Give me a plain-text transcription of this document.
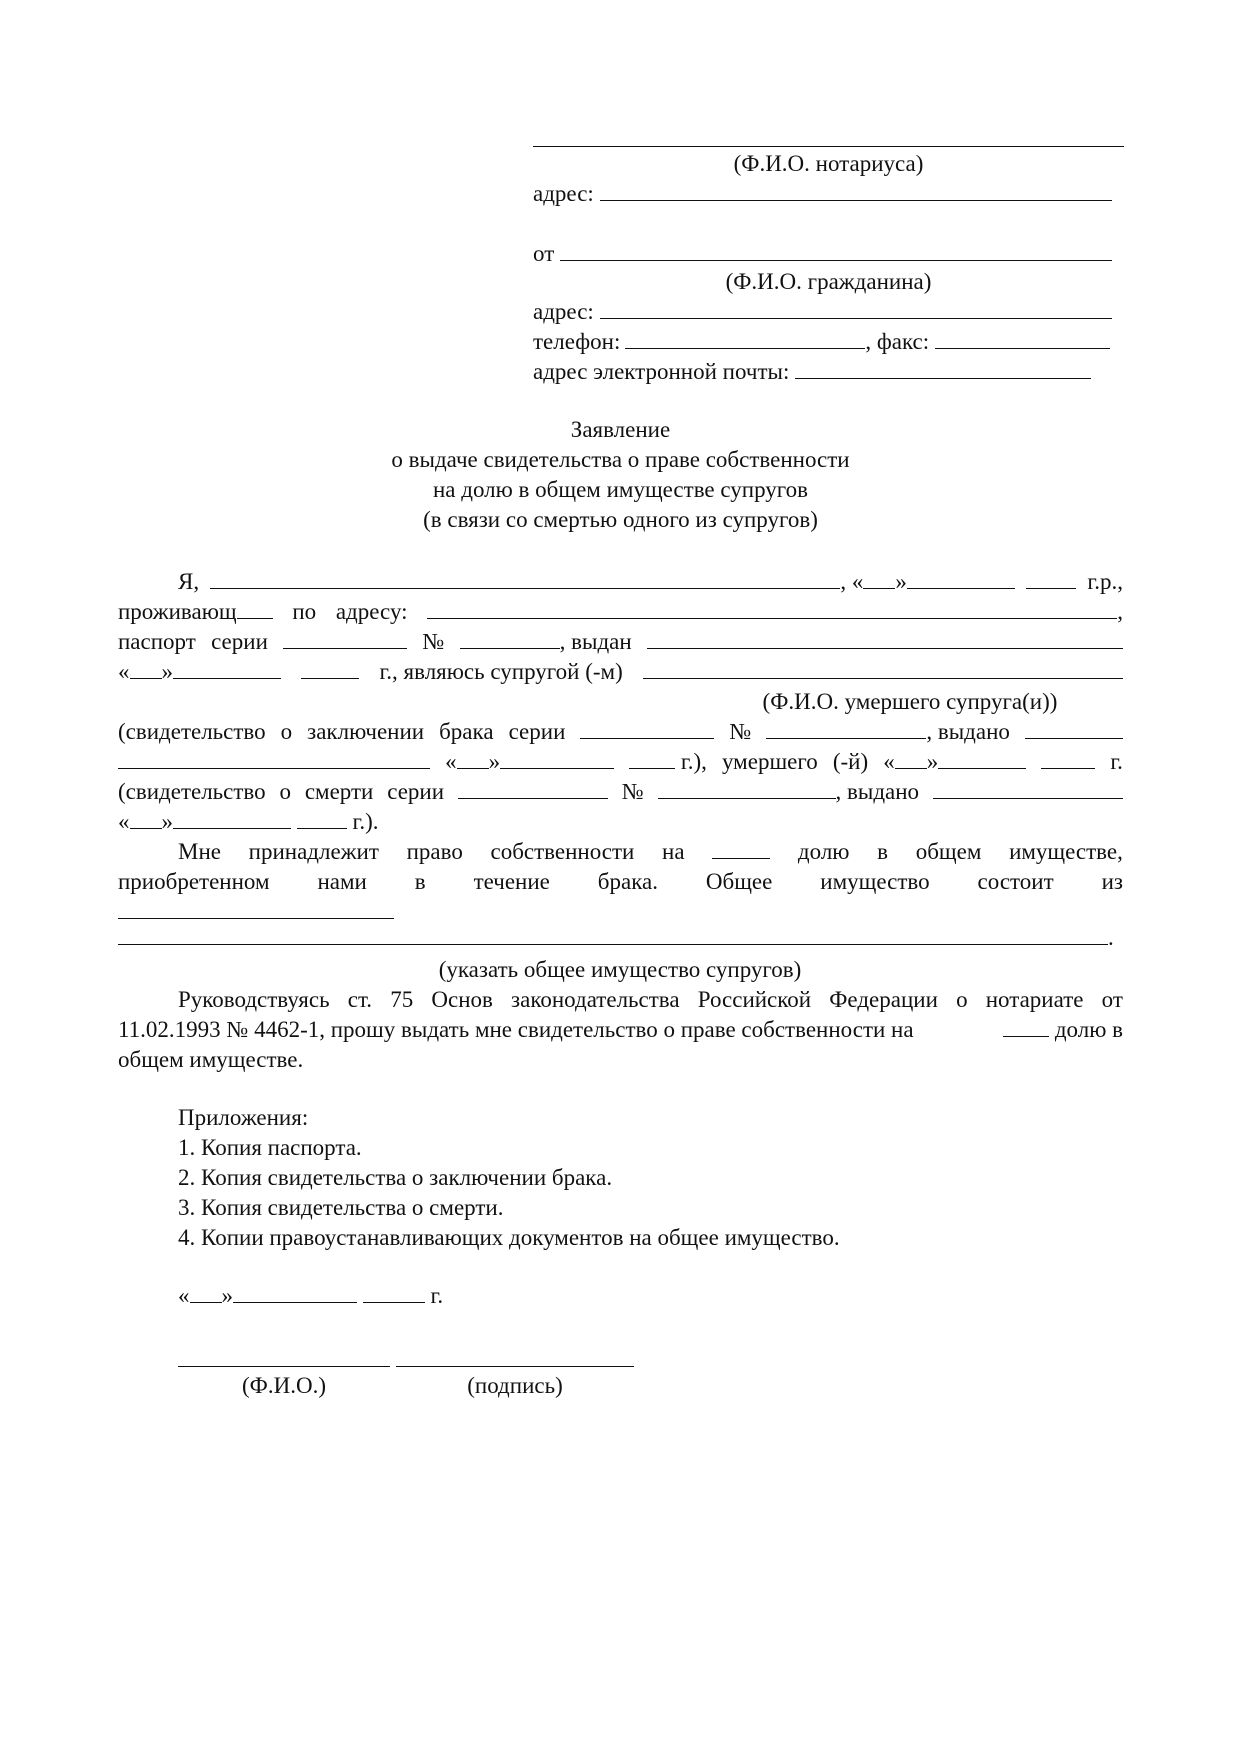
(Ф.И.О. нотариуса)
адрес:
от
(Ф.И.О. гражданина)
адрес:
телефон:	, факс:
адрес электронной почты:
Заявление
о выдаче свидетельства о праве собственности
на долю в общем имуществе супругов
(в связи со смертью одного из супругов)
Я,	, « »	г.р.,
проживающ	по адресу:	,
паспорт серии	№	, выдан
« »	г., являюсь супругой (-м)
(Ф.И.О. умершего супруга(и))
(свидетельство о заключении брака серии	№	, выдано
« »	г.), умершего (-й) « »	г.
(свидетельство о смерти серии	№	, выдано
« »	г.).
Мне принадлежит право собственности на	долю в общем имуществе,
приобретенном нами в течение брака. Общее имущество состоит из
.
(указать общее имущество супругов)
Руководствуясь ст. 75 Основ законодательства Российской Федерации о нотариате от
11.02.1993 № 4462-1, прошу выдать мне свидетельство о праве собственности на	долю в
общем имуществе.
Приложения:
1. Копия паспорта.
2. Копия свидетельства о заключении брака.
3. Копия свидетельства о смерти.
4. Копии правоустанавливающих документов на общее имущество.
« »	г.
(Ф.И.О.)	(подпись)
